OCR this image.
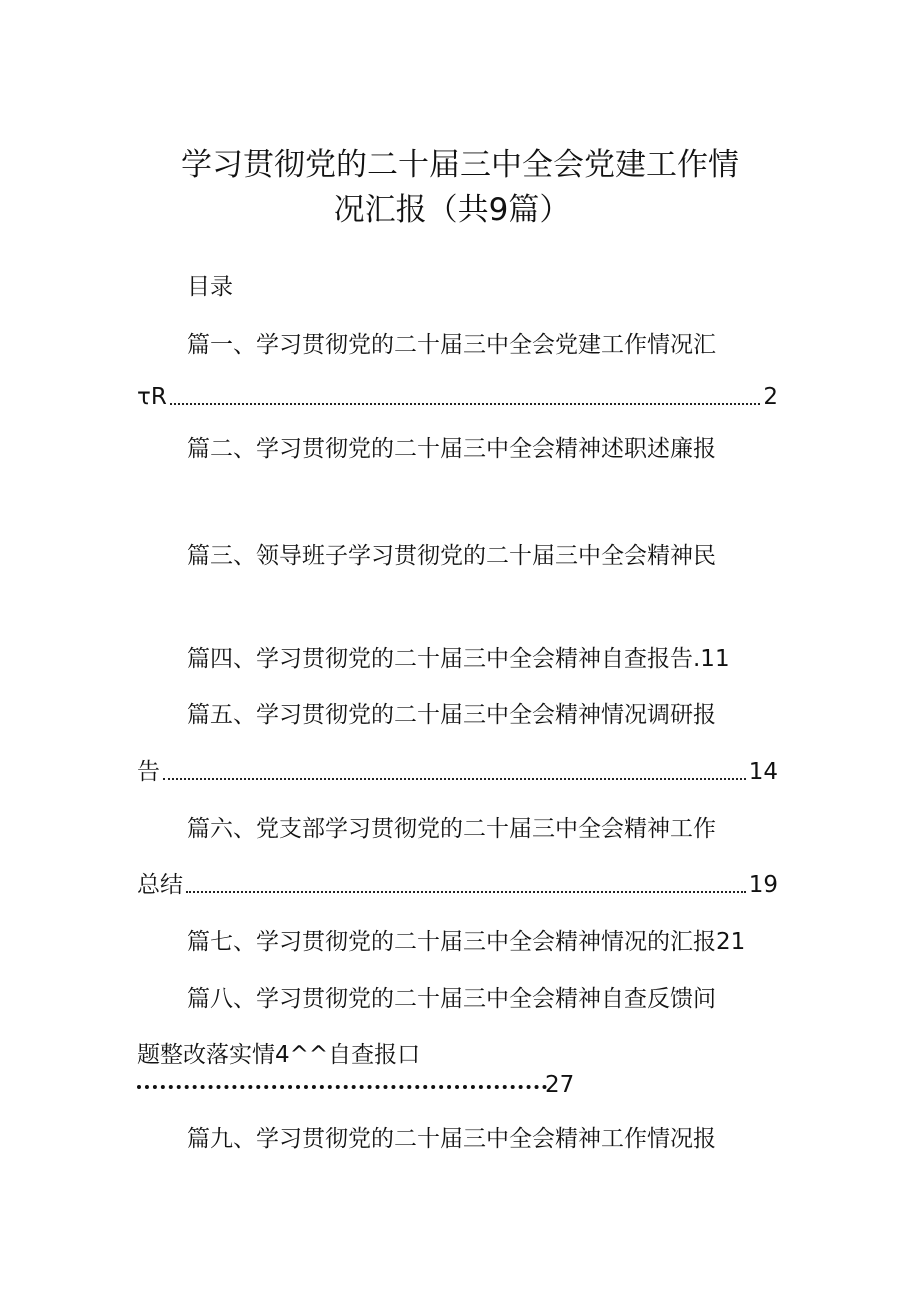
学习贯彻党的二十届三中全会党建工作情
况汇报（共9篇）
目录
篇一、学习贯彻党的二十届三中全会党建工作情况汇
τR	2
篇二、学习贯彻党的二十届三中全会精神述职述廉报
篇三、领导班子学习贯彻党的二十届三中全会精神民
篇四、学习贯彻党的二十届三中全会精神自查报告.11
篇五、学习贯彻党的二十届三中全会精神情况调研报
告	14
篇六、党支部学习贯彻党的二十届三中全会精神工作
总结	19
篇七、学习贯彻党的二十届三中全会精神情况的汇报21
篇八、学习贯彻党的二十届三中全会精神自查反馈问
题整改落实情4^^自查报口
27
篇九、学习贯彻党的二十届三中全会精神工作情况报
